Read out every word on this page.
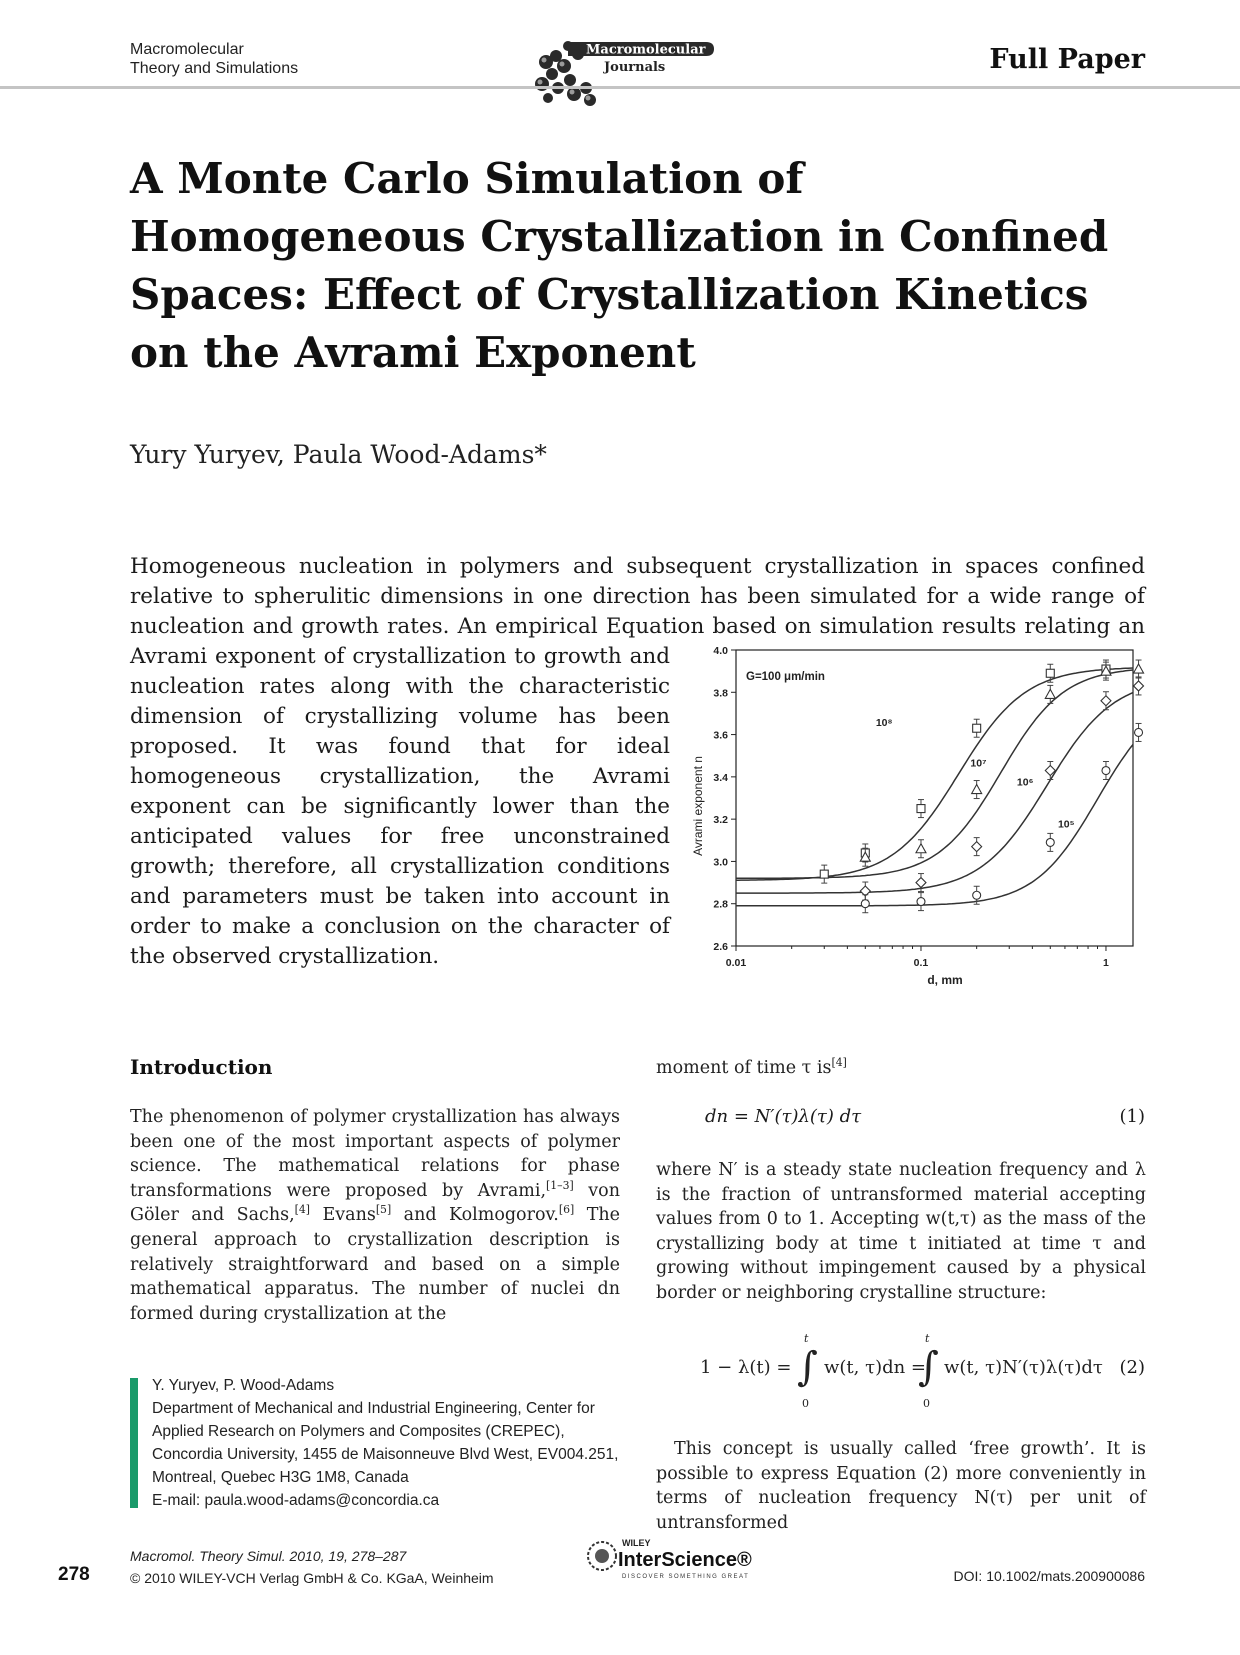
Macromolecular
Theory and Simulations
Macromolecular
Journals	Full Paper
A Monte Carlo Simulation of Homogeneous Crystallization in Confined Spaces: Effect of Crystallization Kinetics on the Avrami Exponent
Yury Yuryev, Paula Wood-Adams*

Homogeneous nucleation in polymers and subsequent crystallization in spaces confined relative to spherulitic dimensions in one direction has been simulated for a wide range of nucleation and growth rates. An empirical Equation based on simulation results relating an

Avrami exponent of crystallization to growth and nucleation rates along with the characteristic dimension of crystallizing volume has been proposed. It was found that for ideal homogeneous crystallization, the Avrami exponent can be significantly lower than the anticipated values for free unconstrained growth; therefore, all crystallization conditions and parameters must be taken into account in order to make a conclusion on the character of the observed crystallization.	2.6
2.8
3.0
3.2
3.4
3.6
3.8
4.0
0.01	0.1	1
10⁸
10⁷
10⁶
10⁵
G=100 μm/min
d, mm
Avrami exponent n
Introduction

The phenomenon of polymer crystallization has always been one of the most important aspects of polymer science. The mathematical relations for phase transformations were proposed by Avrami,[1–3] von Göler and Sachs,[4] Evans[5] and Kolmogorov.[6] The general approach to crystallization description is relatively straightforward and based on a simple mathematical apparatus. The number of nuclei dn formed during crystallization at the

moment of time τ is[4]

dn = N′(τ)λ(τ) dτ	(1)

where N′ is a steady state nucleation frequency and λ is the fraction of untransformed material accepting values from 0 to 1. Accepting w(t,τ) as the mass of the crystallizing body at time t initiated at time τ and growing without impingement caused by a physical border or neighboring crystalline structure:

1 − λ(t) = ∫
t
0
w(t, τ)dn =
∫
t
0
w(t, τ)N′(τ)λ(τ)dτ (2)

This concept is usually called ‘free growth’. It is possible to express Equation (2) more conveniently in terms of nucleation frequency N(τ) per unit of untransformed

Y. Yuryev, P. Wood-Adams
Department of Mechanical and Industrial Engineering, Center for Applied Research on Polymers and Composites (CREPEC), Concordia University, 1455 de Maisonneuve Blvd West, EV004.251, Montreal, Quebec H3G 1M8, Canada
E-mail: paula.wood-adams@concordia.ca
278
Macromol. Theory Simul. 2010, 19, 278–287
© 2010 WILEY-VCH Verlag GmbH & Co. KGaA, Weinheim
WILEY
InterScience®
DISCOVER SOMETHING GREAT	DOI: 10.1002/mats.200900086
